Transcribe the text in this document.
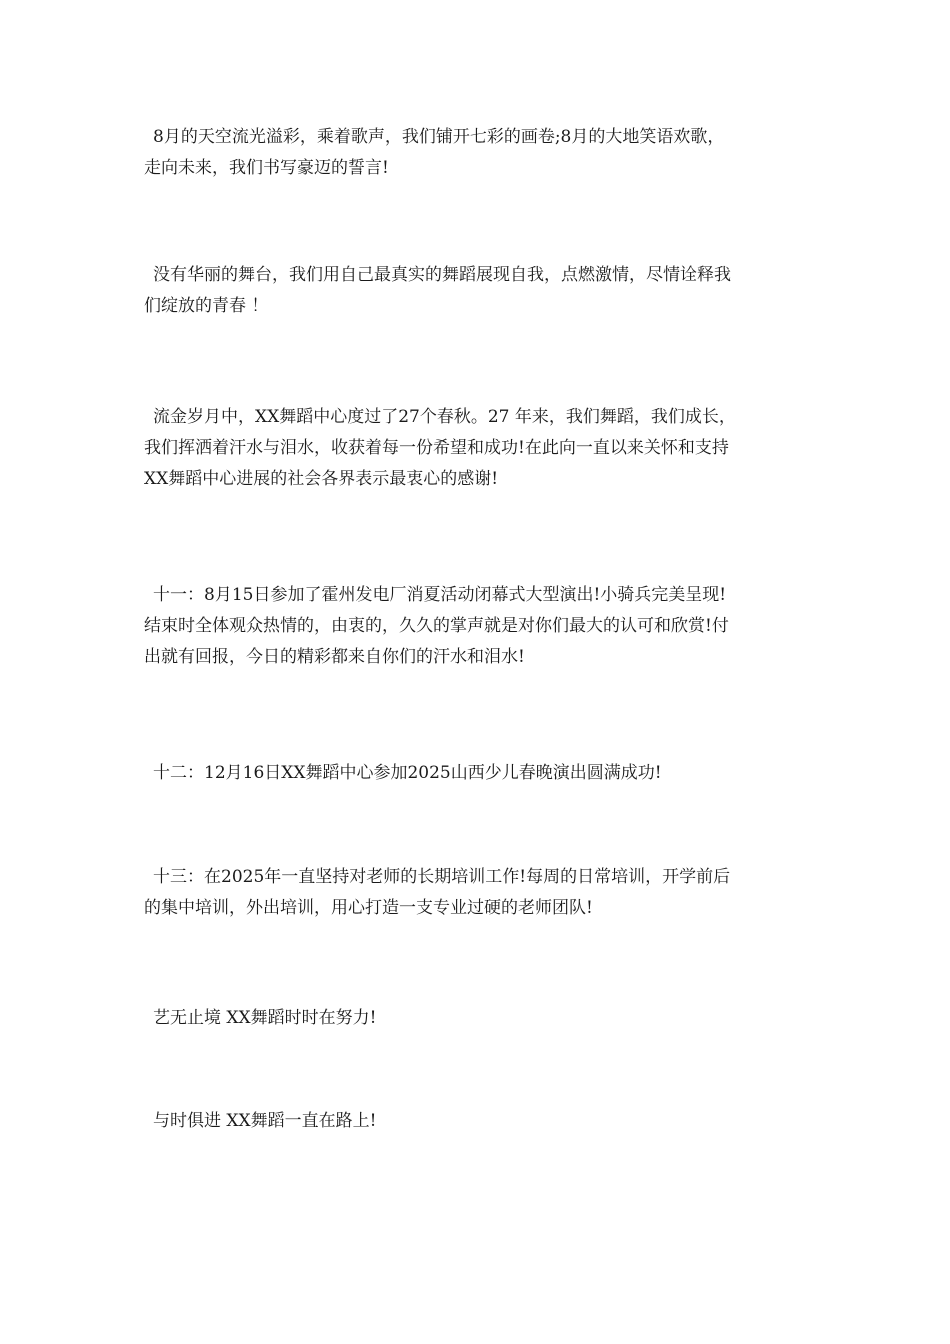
8月的天空流光溢彩，乘着歌声，我们铺开七彩的画卷;8月的大地笑语欢歌，
走向未来，我们书写豪迈的誓言!

没有华丽的舞台，我们用自己最真实的舞蹈展现自我，点燃激情，尽情诠释我
们绽放的青春 ！

流金岁月中，XX舞蹈中心度过了27个春秋。27 年来，我们舞蹈，我们成长，
我们挥洒着汗水与泪水，收获着每一份希望和成功!在此向一直以来关怀和支持
XX舞蹈中心进展的社会各界表示最衷心的感谢!

十一：8月15日参加了霍州发电厂消夏活动闭幕式大型演出!小骑兵完美呈现!
结束时全体观众热情的，由衷的，久久的掌声就是对你们最大的认可和欣赏!付
出就有回报，今日的精彩都来自你们的汗水和泪水!

十二：12月16日XX舞蹈中心参加2025山西少儿春晚演出圆满成功!

十三：在2025年一直坚持对老师的长期培训工作!每周的日常培训，开学前后
的集中培训，外出培训，用心打造一支专业过硬的老师团队!

艺无止境 XX舞蹈时时在努力!

与时俱进 XX舞蹈一直在路上!
